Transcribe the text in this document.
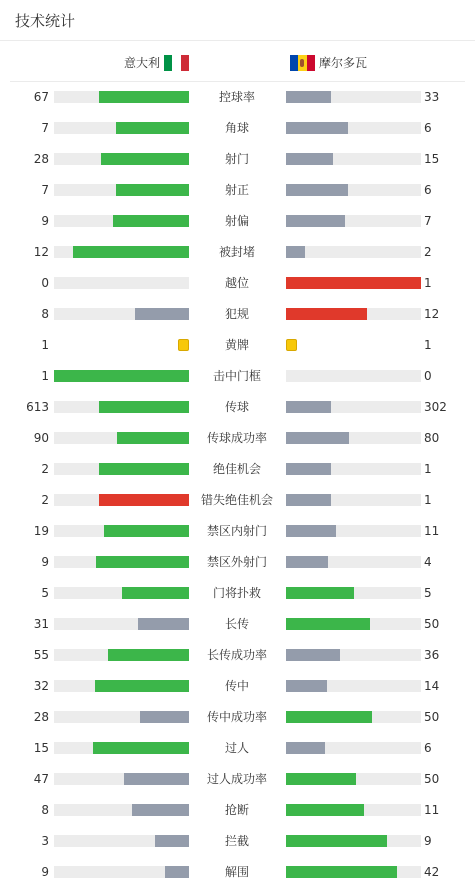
技术统计
意大利	摩尔多瓦
67	控球率	33
7	角球	6
28	射门	15
7	射正	6
9	射偏	7
12	被封堵	2
0	越位	1
8	犯规	12
1	黄牌	1
1	击中门框	0
613	传球	302
90	传球成功率	80
2	绝佳机会	1
2	错失绝佳机会	1
19	禁区内射门	11
9	禁区外射门	4
5	门将扑救	5
31	长传	50
55	长传成功率	36
32	传中	14
28	传中成功率	50
15	过人	6
47	过人成功率	50
8	抢断	11
3	拦截	9
9	解围	42
